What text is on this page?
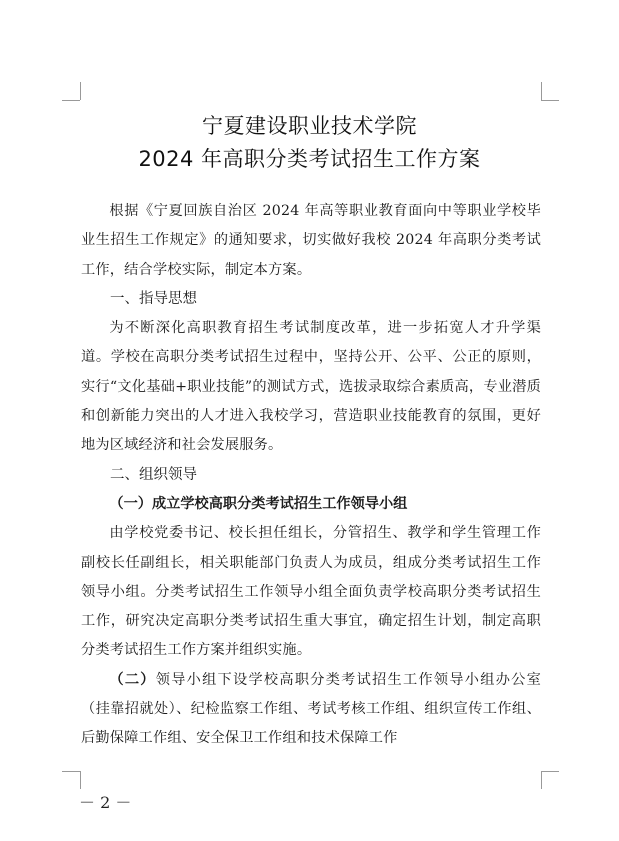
宁夏建设职业技术学院
2024 年高职分类考试招生工作方案

根据《宁夏回族自治区 2024 年高等职业教育面向中等职业学校毕业生招生工作规定》的通知要求，切实做好我校 2024 年高职分类考试工作，结合学校实际，制定本方案。

一、指导思想

为不断深化高职教育招生考试制度改革，进一步拓宽人才升学渠道。学校在高职分类考试招生过程中，坚持公开、公平、公正的原则，实行“文化基础+职业技能”的测试方式，选拔录取综合素质高，专业潜质和创新能力突出的人才进入我校学习，营造职业技能教育的氛围，更好地为区域经济和社会发展服务。

二、组织领导

（一）成立学校高职分类考试招生工作领导小组

由学校党委书记、校长担任组长，分管招生、教学和学生管理工作副校长任副组长，相关职能部门负责人为成员，组成分类考试招生工作领导小组。分类考试招生工作领导小组全面负责学校高职分类考试招生工作，研究决定高职分类考试招生重大事宜，确定招生计划，制定高职分类考试招生工作方案并组织实施。

（二）领导小组下设学校高职分类考试招生工作领导小组办公室（挂靠招就处）、纪检监察工作组、考试考核工作组、组织宣传工作组、后勤保障工作组、安全保卫工作组和技术保障工作

－ 2 －
